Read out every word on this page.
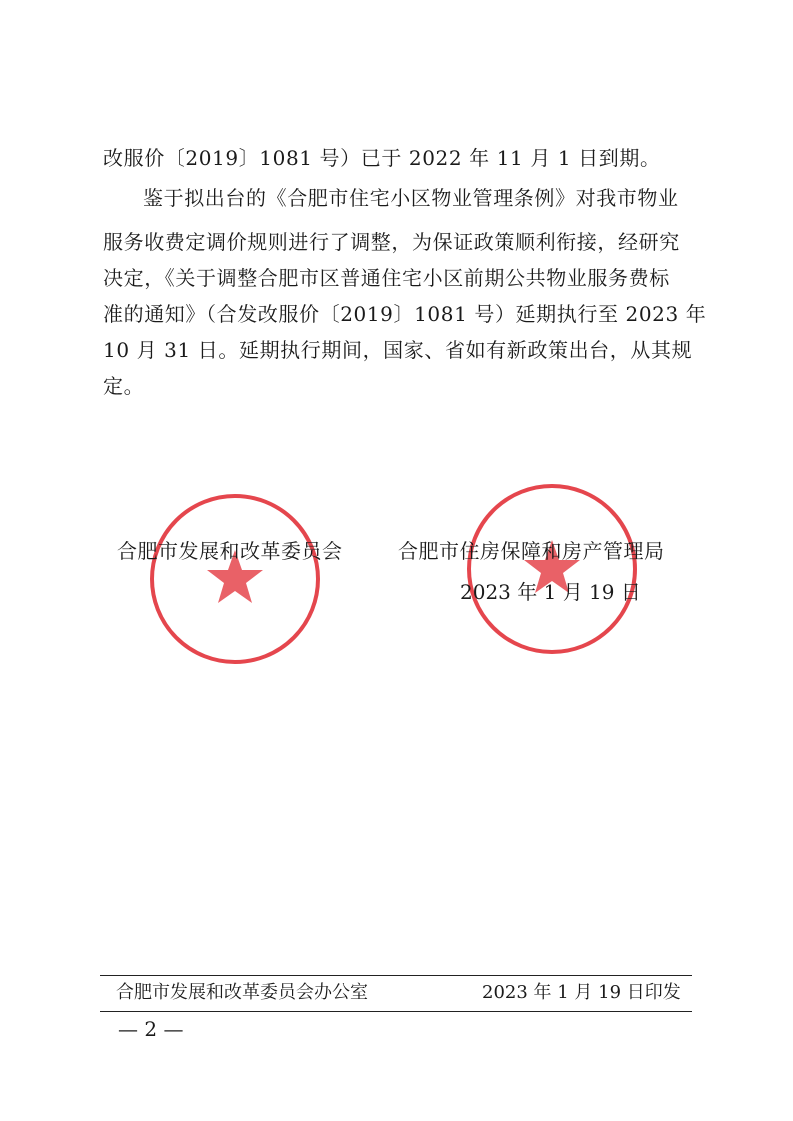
改服价〔2019〕1081 号）已于 2022 年 11 月 1 日到期。

鉴于拟出台的《合肥市住宅小区物业管理条例》对我市物业

服务收费定调价规则进行了调整，为保证政策顺利衔接，经研究

决定，《关于调整合肥市区普通住宅小区前期公共物业服务费标

准的通知》（合发改服价〔2019〕1081 号）延期执行至 2023 年

10 月 31 日。延期执行期间，国家、省如有新政策出台，从其规

定。

合肥市发展和改革委员会	合肥市住房保障和房产管理局
2023 年 1 月 19 日
合肥市发展和改革委员会办公室	2023 年 1 月 19 日印发
— 2 —
